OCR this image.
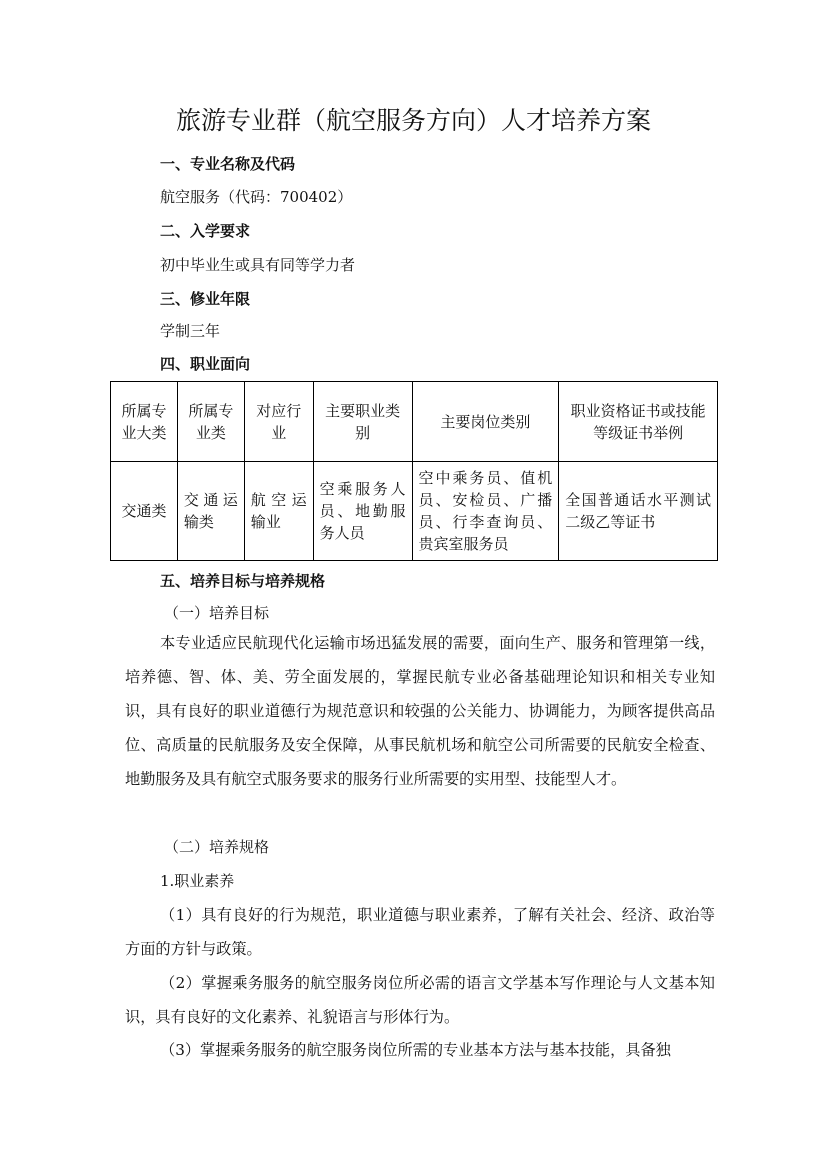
旅游专业群（航空服务方向）人才培养方案

一、专业名称及代码

航空服务（代码：700402）

二、入学要求

初中毕业生或具有同等学力者

三、修业年限

学制三年

四、职业面向

所属专业大类	所属专业类	对应行业	主要职业类别	主要岗位类别	职业资格证书或技能等级证书举例
交通类	交通运输类	航空运输业	空乘服务人员、地勤服务人员	空中乘务员、值机员、安检员、广播员、行李查询员、贵宾室服务员	全国普通话水平测试二级乙等证书

五、培养目标与培养规格

（一）培养目标

本专业适应民航现代化运输市场迅猛发展的需要，面向生产、服务和管理第一线，培养德、智、体、美、劳全面发展的，掌握民航专业必备基础理论知识和相关专业知识，具有良好的职业道德行为规范意识和较强的公关能力、协调能力，为顾客提供高品位、高质量的民航服务及安全保障，从事民航机场和航空公司所需要的民航安全检查、地勤服务及具有航空式服务要求的服务行业所需要的实用型、技能型人才。

（二）培养规格

1.职业素养

（1）具有良好的行为规范，职业道德与职业素养，了解有关社会、经济、政治等方面的方针与政策。

（2）掌握乘务服务的航空服务岗位所必需的语言文学基本写作理论与人文基本知识，具有良好的文化素养、礼貌语言与形体行为。

（3）掌握乘务服务的航空服务岗位所需的专业基本方法与基本技能，具备独
